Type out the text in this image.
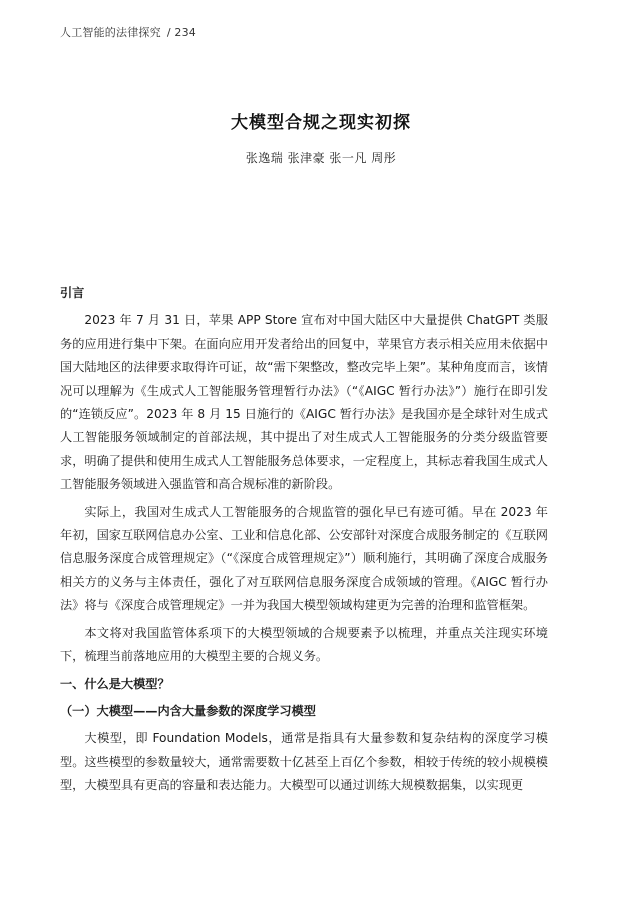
人工智能的法律探究 / 234
大模型合规之现实初探
张逸瑞 张津豪 张一凡 周彤
引言

2023 年 7 月 31 日，苹果 APP Store 宣布对中国大陆区中大量提供 ChatGPT 类服务的应用进行集中下架。在面向应用开发者给出的回复中，苹果官方表示相关应用未依据中国大陆地区的法律要求取得许可证，故“需下架整改，整改完毕上架”。某种角度而言，该情况可以理解为《生成式人工智能服务管理暂行办法》（“《AIGC 暂行办法》”）施行在即引发的“连锁反应”。2023 年 8 月 15 日施行的《AIGC 暂行办法》是我国亦是全球针对生成式人工智能服务领域制定的首部法规，其中提出了对生成式人工智能服务的分类分级监管要求，明确了提供和使用生成式人工智能服务总体要求，一定程度上，其标志着我国生成式人工智能服务领域进入强监管和高合规标准的新阶段。

实际上，我国对生成式人工智能服务的合规监管的强化早已有迹可循。早在 2023 年年初，国家互联网信息办公室、工业和信息化部、公安部针对深度合成服务制定的《互联网信息服务深度合成管理规定》（“《深度合成管理规定》”）顺利施行，其明确了深度合成服务相关方的义务与主体责任，强化了对互联网信息服务深度合成领域的管理。《AIGC 暂行办法》将与《深度合成管理规定》一并为我国大模型领域构建更为完善的治理和监管框架。

本文将对我国监管体系项下的大模型领域的合规要素予以梳理，并重点关注现实环境下，梳理当前落地应用的大模型主要的合规义务。

一、什么是大模型？
（一）大模型——内含大量参数的深度学习模型

大模型，即 Foundation Models，通常是指具有大量参数和复杂结构的深度学习模型。这些模型的参数量较大，通常需要数十亿甚至上百亿个参数，相较于传统的较小规模模型，大模型具有更高的容量和表达能力。大模型可以通过训练大规模数据集，以实现更
